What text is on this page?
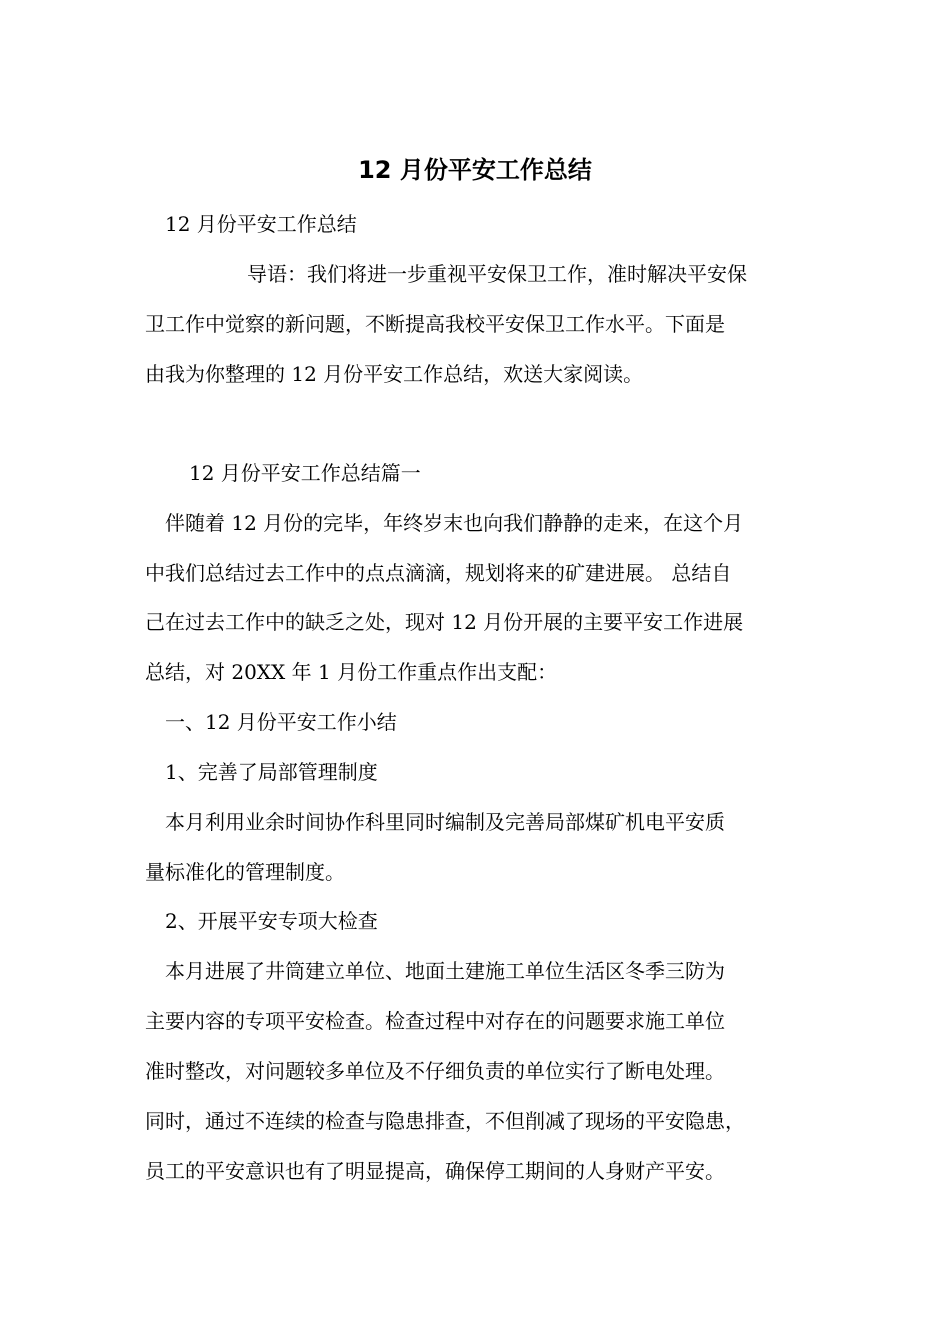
12 月份平安工作总结
12 月份平安工作总结
导语：我们将进一步重视平安保卫工作，准时解决平安保
卫工作中觉察的新问题，不断提高我校平安保卫工作水平。下面是
由我为你整理的 12 月份平安工作总结，欢送大家阅读。
12 月份平安工作总结篇一
伴随着 12 月份的完毕，年终岁末也向我们静静的走来，在这个月
中我们总结过去工作中的点点滴滴，规划将来的矿建进展。 总结自
己在过去工作中的缺乏之处，现对 12 月份开展的主要平安工作进展
总结，对 20XX 年 1 月份工作重点作出支配：
一、12 月份平安工作小结
1、完善了局部管理制度
本月利用业余时间协作科里同时编制及完善局部煤矿机电平安质
量标准化的管理制度。
2、开展平安专项大检查
本月进展了井筒建立单位、地面土建施工单位生活区冬季三防为
主要内容的专项平安检查。检查过程中对存在的问题要求施工单位
准时整改，对问题较多单位及不仔细负责的单位实行了断电处理。
同时，通过不连续的检查与隐患排查，不但削减了现场的平安隐患，
员工的平安意识也有了明显提高，确保停工期间的人身财产平安。
